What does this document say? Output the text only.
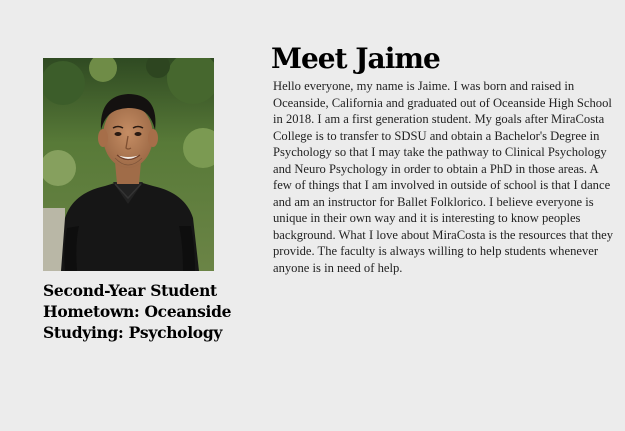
Second-Year Student
Hometown: Oceanside
Studying: Psychology
Meet Jaime

Hello everyone, my name is Jaime. I was born and raised in Oceanside, California and graduated out of Oceanside High School in 2018. I am a first generation student. My goals after MiraCosta College is to transfer to SDSU and obtain a Bachelor's Degree in Psychology so that I may take the pathway to Clinical Psychology and Neuro Psychology in order to obtain a PhD in those areas. A few of things that I am involved in outside of school is that I dance and am an instructor for Ballet Folklorico. I believe everyone is unique in their own way and it is interesting to know peoples background. What I love about MiraCosta is the resources that they provide. The faculty is always willing to help students whenever anyone is in need of help.
